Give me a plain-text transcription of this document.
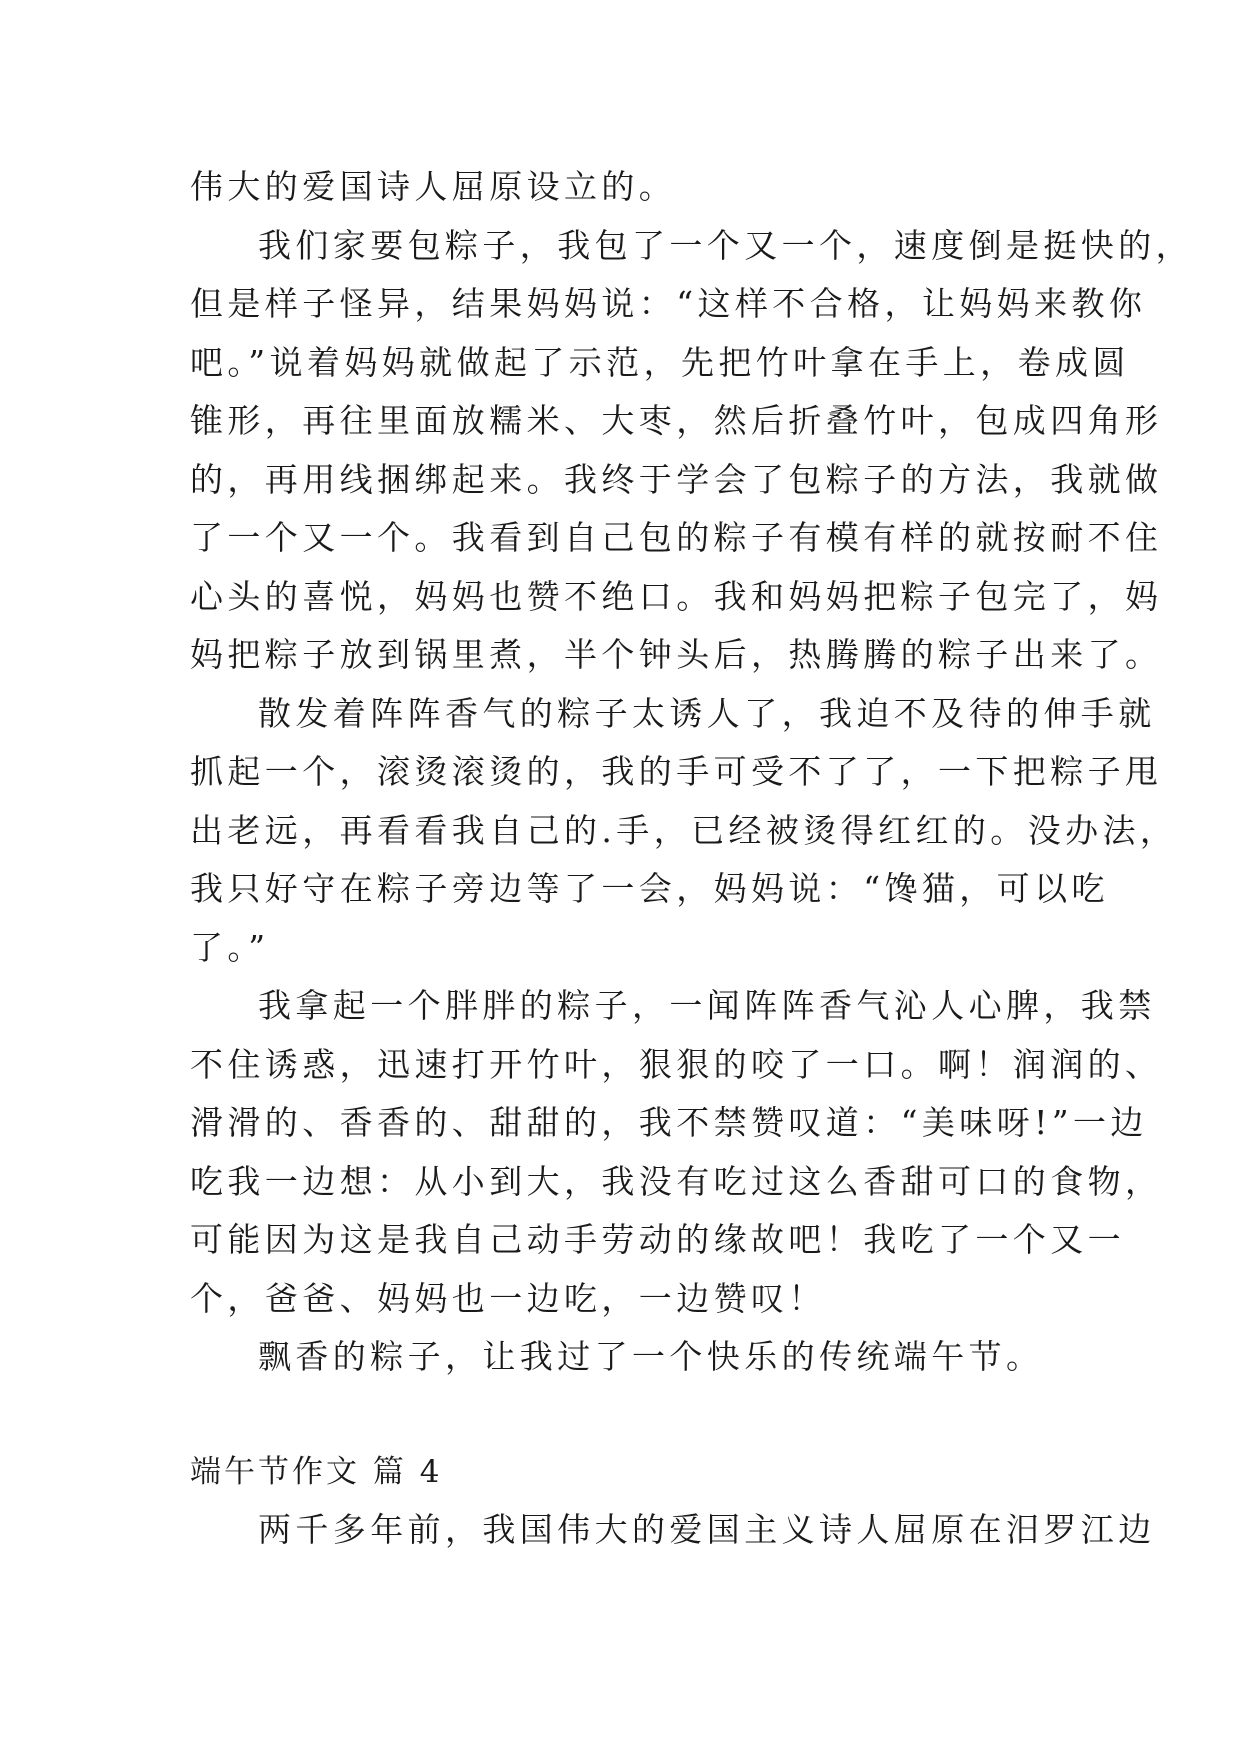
伟大的爱国诗人屈原设立的。
我们家要包粽子，我包了一个又一个，速度倒是挺快的，
但是样子怪异，结果妈妈说：“这样不合格，让妈妈来教你
吧。”说着妈妈就做起了示范，先把竹叶拿在手上，卷成圆
锥形，再往里面放糯米、大枣，然后折叠竹叶，包成四角形
的，再用线捆绑起来。我终于学会了包粽子的方法，我就做
了一个又一个。我看到自己包的粽子有模有样的就按耐不住
心头的喜悦，妈妈也赞不绝口。我和妈妈把粽子包完了，妈
妈把粽子放到锅里煮，半个钟头后，热腾腾的粽子出来了。
散发着阵阵香气的粽子太诱人了，我迫不及待的伸手就
抓起一个，滚烫滚烫的，我的手可受不了了，一下把粽子甩
出老远，再看看我自己的.手，已经被烫得红红的。没办法，
我只好守在粽子旁边等了一会，妈妈说：“馋猫，可以吃
了。”
我拿起一个胖胖的粽子，一闻阵阵香气沁人心脾，我禁
不住诱惑，迅速打开竹叶，狠狠的咬了一口。啊！润润的、
滑滑的、香香的、甜甜的，我不禁赞叹道：“美味呀!”一边
吃我一边想：从小到大，我没有吃过这么香甜可口的食物，
可能因为这是我自己动手劳动的缘故吧！我吃了一个又一
个，爸爸、妈妈也一边吃，一边赞叹！
飘香的粽子，让我过了一个快乐的传统端午节。
端午节作文 篇 4
两千多年前，我国伟大的爱国主义诗人屈原在汨罗江边
